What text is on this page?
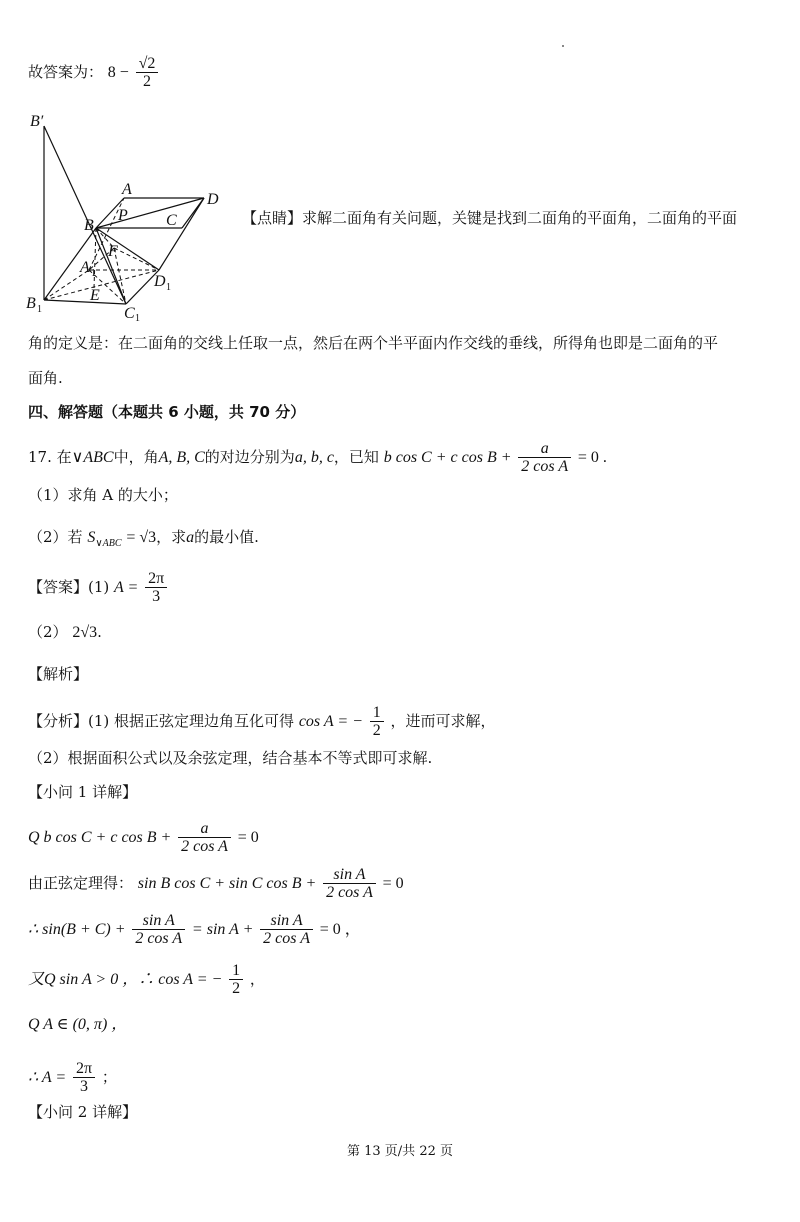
故答案为： $8 - \frac{√2}{2}$
B′
A
D
B
P C
A 1
F
D 1
B 1
E
C 1
【点睛】求解二面角有关问题，关键是找到二面角的平面角，二面角的平面
角的定义是：在二面角的交线上任取一点，然后在两个半平面内作交线的垂线，所得角也即是二面角的平
面角.
四、解答题（本题共 6 小题，共 70 分）
17. 在∨ABC中，角A, B, C的对边分别为a, b, c，已知 b cos C + c $\cos B + \frac{a}{\text{2 cos A}} = 0$ .
（1）求角 A 的大小；
（2）若 $S_{\vee ABC} = √3$，求a的最小值.
【答案】(1) $A = \frac{2\pi}{3}$
（2） 2√3.
【解析】
【分析】(1) 根据正弦定理边角互化可得 cos A = − $\frac{1}{2}$ ，进而可求解，
（2）根据面积公式以及余弦定理，结合基本不等式即可求解.
【小问 1 详解】
Q b cos C + c $\cos B + \frac{a}{\text{2 cos A}} = 0$
由正弦定理得： sin B cos C + sin C $\cos B + \frac{\text{sin A}}{\text{2 cos A}} = 0$
∴ $\sin(B + C) + \frac{\text{sin A}}{\text{2 cos A}} = \sin A + \frac{\text{sin A}}{\text{2 cos A}} = 0$ ，
又Q sin A > 0 ，∴ cos A = − $\frac{1}{2}$ ，
Q A ∈ (0, π) ，
∴ $A = \frac{2\pi}{3}$ ；
【小问 2 详解】
第 13 页/共 22 页
